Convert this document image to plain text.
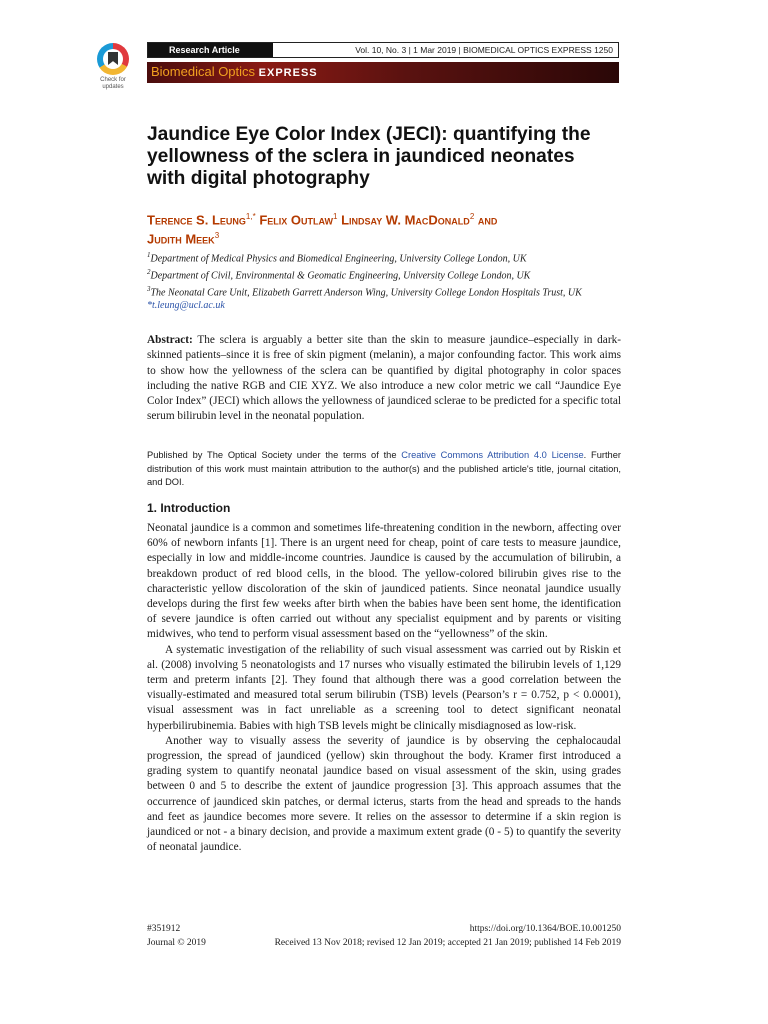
Check for updates
Research Article	Vol. 10, No. 3 | 1 Mar 2019 | BIOMEDICAL OPTICS EXPRESS 1250
Biomedical Optics EXPRESS
Jaundice Eye Color Index (JECI): quantifying the yellowness of the sclera in jaundiced neonates with digital photography
Terence S. Leung$^{1,*}$ Felix Outlaw$^1$ Lindsay W. MacDonald$^2$ and
Judith Meek$^3$
$^1$Department of Medical Physics and Biomedical Engineering, University College London, UK
$^2$Department of Civil, Environmental & Geomatic Engineering, University College London, UK
$^3$The Neonatal Care Unit, Elizabeth Garrett Anderson Wing, University College London Hospitals Trust, UK
*t.leung@ucl.ac.uk
Abstract: The sclera is arguably a better site than the skin to measure jaundice–especially in dark-skinned patients–since it is free of skin pigment (melanin), a major confounding factor. This work aims to show how the yellowness of the sclera can be quantified by digital photography in color spaces including the native RGB and CIE XYZ. We also introduce a new color metric we call “Jaundice Eye Color Index” (JECI) which allows the yellowness of jaundiced sclerae to be predicted for a specific total serum bilirubin level in the neonatal population.
Published by The Optical Society under the terms of the Creative Commons Attribution 4.0 License. Further distribution of this work must maintain attribution to the author(s) and the published article's title, journal citation, and DOI.
1. Introduction

Neonatal jaundice is a common and sometimes life-threatening condition in the newborn, affecting over 60% of newborn infants [1]. There is an urgent need for cheap, point of care tests to measure jaundice, especially in low and middle-income countries. Jaundice is caused by the accumulation of bilirubin, a breakdown product of red blood cells, in the blood. The yellow-colored bilirubin gives rise to the characteristic yellow discoloration of the skin of jaundiced patients. Since neonatal jaundice usually develops during the first few weeks after birth when the babies have been sent home, the identification of severe jaundice is often carried out without any specialist equipment and by parents or visiting midwives, who tend to perform visual assessment based on the “yellowness” of the skin.

A systematic investigation of the reliability of such visual assessment was carried out by Riskin et al. (2008) involving 5 neonatologists and 17 nurses who visually estimated the bilirubin levels of 1,129 term and preterm infants [2]. They found that although there was a good correlation between the visually-estimated and measured total serum bilirubin (TSB) levels (Pearson’s r = 0.752, p < 0.0001), visual assessment was in fact unreliable as a screening tool to detect significant neonatal hyperbilirubinemia. Babies with high TSB levels might be clinically misdiagnosed as low-risk.

Another way to visually assess the severity of jaundice is by observing the cephalocaudal progression, the spread of jaundiced (yellow) skin throughout the body. Kramer first introduced a grading system to quantify neonatal jaundice based on visual assessment of the skin, using grades between 0 and 5 to describe the extent of jaundice progression [3]. This approach assumes that the occurrence of jaundiced skin patches, or dermal icterus, starts from the head and spreads to the hands and feet as jaundice becomes more severe. It relies on the assessor to determine if a skin region is jaundiced or not - a binary decision, and provide a maximum extent grade (0 - 5) to quantify the severity of neonatal jaundice.

#351912
Journal © 2019
https://doi.org/10.1364/BOE.10.001250
Received 13 Nov 2018; revised 12 Jan 2019; accepted 21 Jan 2019; published 14 Feb 2019
